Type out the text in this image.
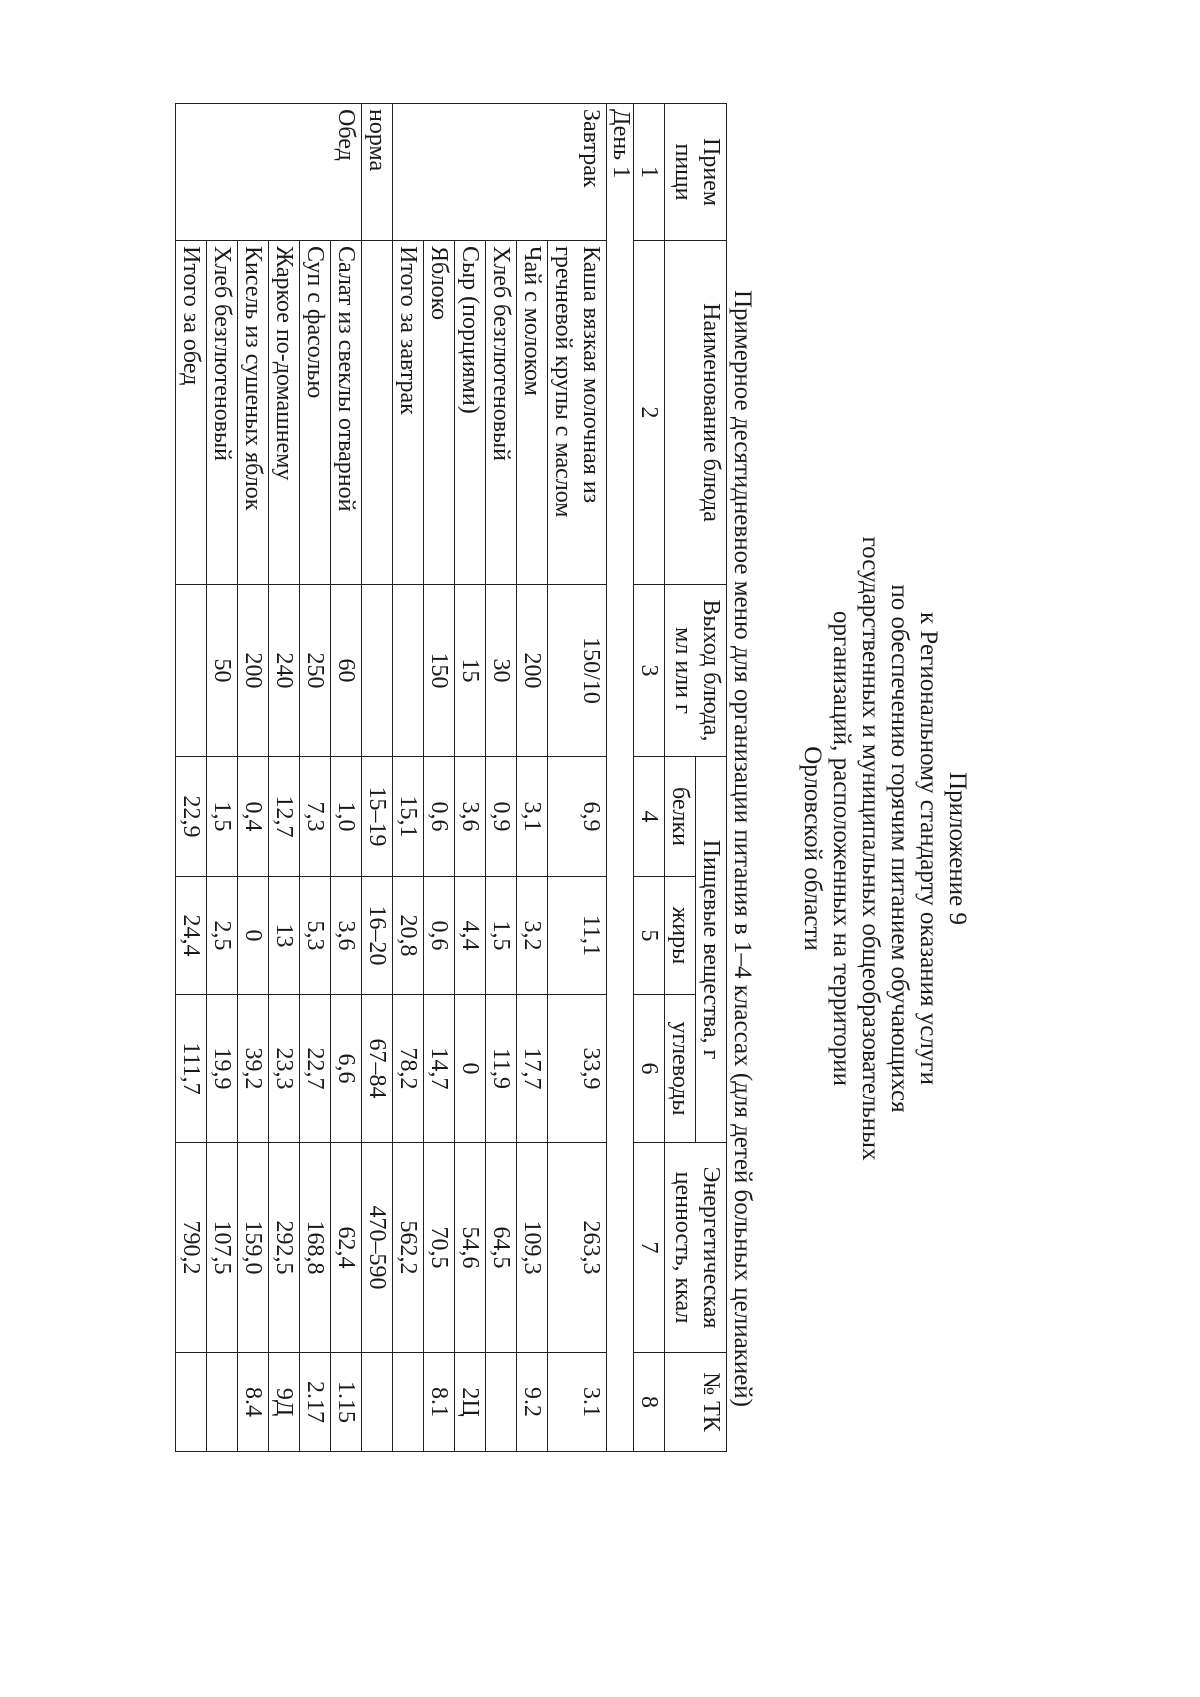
Приложение 9
к Региональному стандарту оказания услуги
по обеспечению горячим питанием обучающихся
государственных и муниципальных общеобразовательных
организаций, расположенных на территории
Орловской области
Примерное десятидневное меню для организации питания в 1–4 классах (для детей больных целиакией)
Прием пищи	Наименование блюда	Выход блюда, мл или г	Пищевые вещества, г			Энергетическая ценность, ккал	№ ТК
			белки	жиры	углеводы		
1	2	3	4	5	6	7	8
День 1							
Завтрак	Каша вязкая молочная из гречневой крупы с маслом	150/10	6,9	11,1	33,9	263,3	3.1
	Чай с молоком	200	3,1	3,2	17,7	109,3	9.2
	Хлеб безглютеновый	30	0,9	1,5	11,9	64,5	
	Сыр (порциями)	15	3,6	4,4	0	54,6	2Ц
	Яблоко	150	0,6	0,6	14,7	70,5	8.1
	Итого за завтрак		15,1	20,8	78,2	562,2	
норма			15–19	16–20	67–84	470–590	
Обед	Салат из свеклы отварной	60	1,0	3,6	6,6	62,4	1.15
	Суп с фасолью	250	7,3	5,3	22,7	168,8	2.17
	Жаркое по-домашнему	240	12,7	13	23,3	292,5	9Д
	Кисель из сушеных яблок	200	0,4	0	39,2	159,0	8.4
	Хлеб безглютеновый	50	1,5	2,5	19,9	107,5	
	Итого за обед		22,9	24,4	111,7	790,2	
